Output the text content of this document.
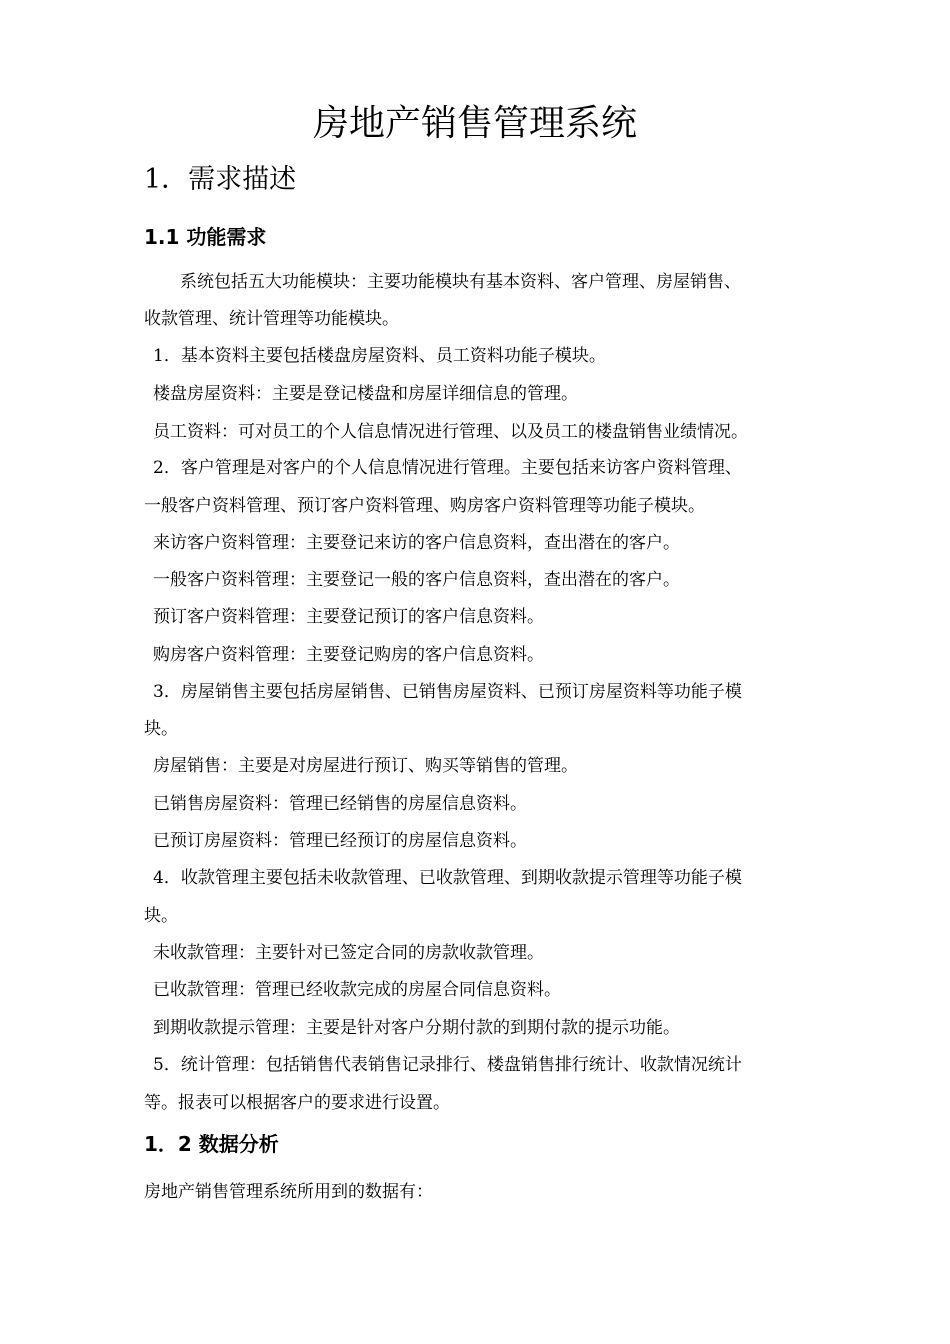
房地产销售管理系统
1．需求描述
1.1 功能需求

系统包括五大功能模块：主要功能模块有基本资料、客户管理、房屋销售、

收款管理、统计管理等功能模块。

1．基本资料主要包括楼盘房屋资料、员工资料功能子模块。

楼盘房屋资料：主要是登记楼盘和房屋详细信息的管理。

员工资料：可对员工的个人信息情况进行管理、以及员工的楼盘销售业绩情况。

2．客户管理是对客户的个人信息情况进行管理。主要包括来访客户资料管理、

一般客户资料管理、预订客户资料管理、购房客户资料管理等功能子模块。

来访客户资料管理：主要登记来访的客户信息资料，查出潜在的客户。

一般客户资料管理：主要登记一般的客户信息资料，查出潜在的客户。

预订客户资料管理：主要登记预订的客户信息资料。

购房客户资料管理：主要登记购房的客户信息资料。

3．房屋销售主要包括房屋销售、已销售房屋资料、已预订房屋资料等功能子模

块。

房屋销售：主要是对房屋进行预订、购买等销售的管理。

已销售房屋资料：管理已经销售的房屋信息资料。

已预订房屋资料：管理已经预订的房屋信息资料。

4．收款管理主要包括未收款管理、已收款管理、到期收款提示管理等功能子模

块。

未收款管理：主要针对已签定合同的房款收款管理。

已收款管理：管理已经收款完成的房屋合同信息资料。

到期收款提示管理：主要是针对客户分期付款的到期付款的提示功能。

5．统计管理：包括销售代表销售记录排行、楼盘销售排行统计、收款情况统计

等。报表可以根据客户的要求进行设置。

1．2 数据分析

房地产销售管理系统所用到的数据有：
